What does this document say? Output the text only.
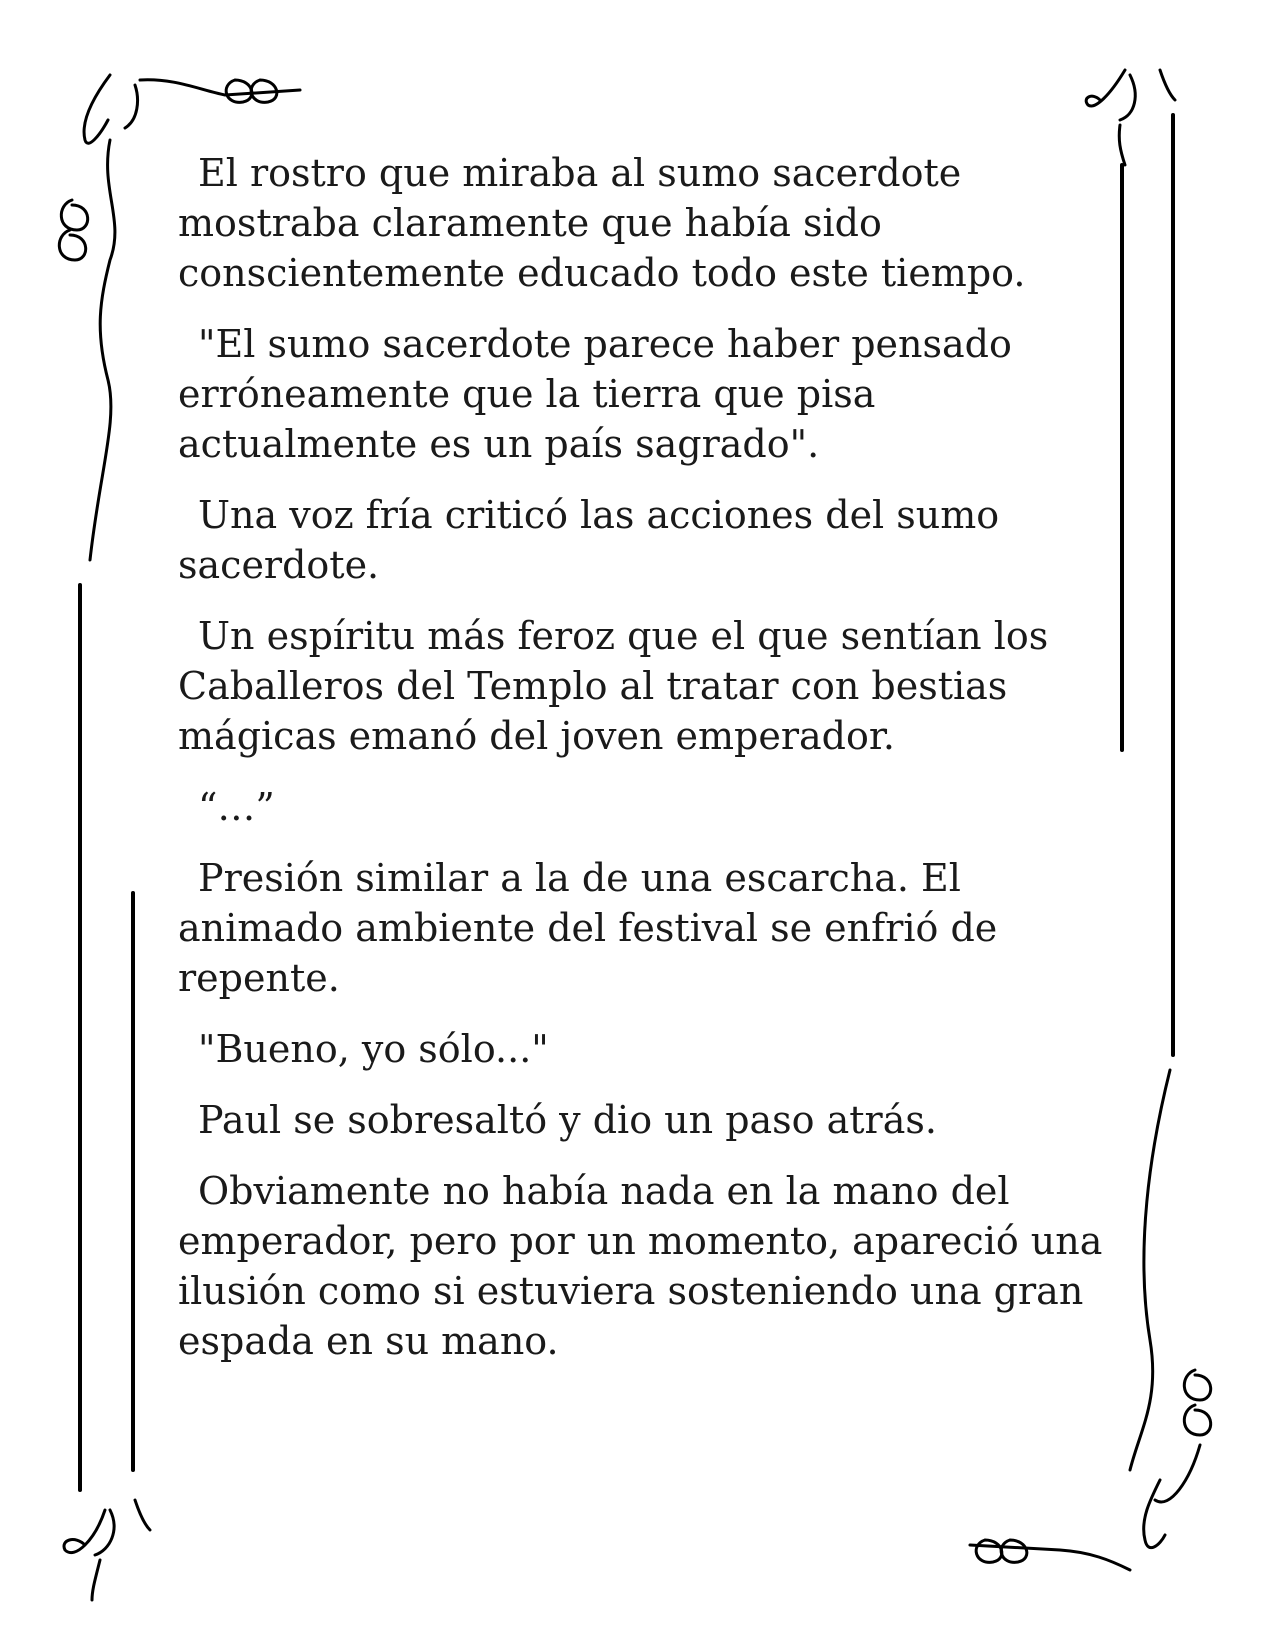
El rostro que miraba al sumo sacerdote
mostraba claramente que había sido
conscientemente educado todo este tiempo.

"El sumo sacerdote parece haber pensado
erróneamente que la tierra que pisa
actualmente es un país sagrado".

Una voz fría criticó las acciones del sumo
sacerdote.

Un espíritu más feroz que el que sentían los
Caballeros del Templo al tratar con bestias
mágicas emanó del joven emperador.

“…”

Presión similar a la de una escarcha. El
animado ambiente del festival se enfrió de
repente.

"Bueno, yo sólo..."

Paul se sobresaltó y dio un paso atrás.

Obviamente no había nada en la mano del
emperador, pero por un momento, apareció una
ilusión como si estuviera sosteniendo una gran
espada en su mano.
